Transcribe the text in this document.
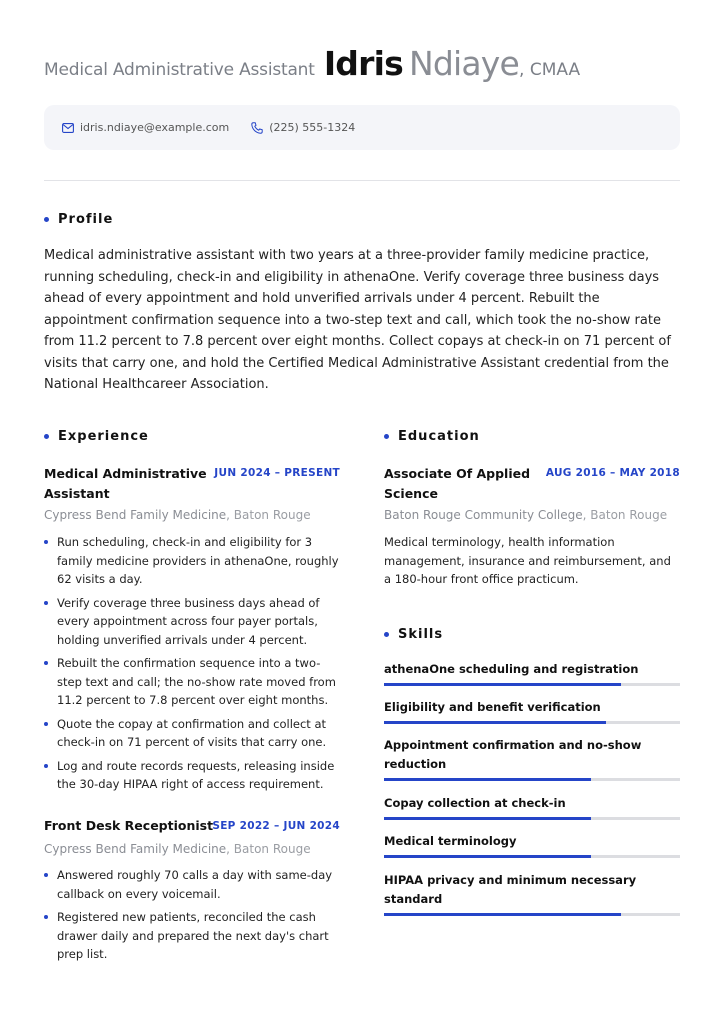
Medical Administrative Assistant Idris Ndiaye, CMAA
idris.ndiaye@example.com	(225) 555-1324
Profile

Medical administrative assistant with two years at a three-provider family medicine practice, running scheduling, check-in and eligibility in athenaOne. Verify coverage three business days ahead of every appointment and hold unverified arrivals under 4 percent. Rebuilt the appointment confirmation sequence into a two-step text and call, which took the no-show rate from 11.2 percent to 7.8 percent over eight months. Collect copays at check-in on 71 percent of visits that carry one, and hold the Certified Medical Administrative Assistant credential from the National Healthcareer Association.

Experience
Medical Administrative Assistant
JUN 2024 – PRESENT
Cypress Bend Family Medicine, Baton Rouge
Run scheduling, check-in and eligibility for 3 family medicine providers in athenaOne, roughly 62 visits a day.
Verify coverage three business days ahead of every appointment across four payer portals, holding unverified arrivals under 4 percent.
Rebuilt the confirmation sequence into a two-step text and call; the no-show rate moved from 11.2 percent to 7.8 percent over eight months.
Quote the copay at confirmation and collect at check-in on 71 percent of visits that carry one.
Log and route records requests, releasing inside the 30-day HIPAA right of access requirement.
Front Desk Receptionist SEP 2022 – JUN 2024
Cypress Bend Family Medicine, Baton Rouge
Answered roughly 70 calls a day with same-day callback on every voicemail.
Registered new patients, reconciled the cash drawer daily and prepared the next day's chart prep list.
Education
Associate Of Applied Science
AUG 2016 – MAY 2018
Baton Rouge Community College, Baton Rouge

Medical terminology, health information management, insurance and reimbursement, and a 180-hour front office practicum.

Skills
athenaOne scheduling and registration
Eligibility and benefit verification
Appointment confirmation and no-show reduction
Copay collection at check-in
Medical terminology
HIPAA privacy and minimum necessary standard
